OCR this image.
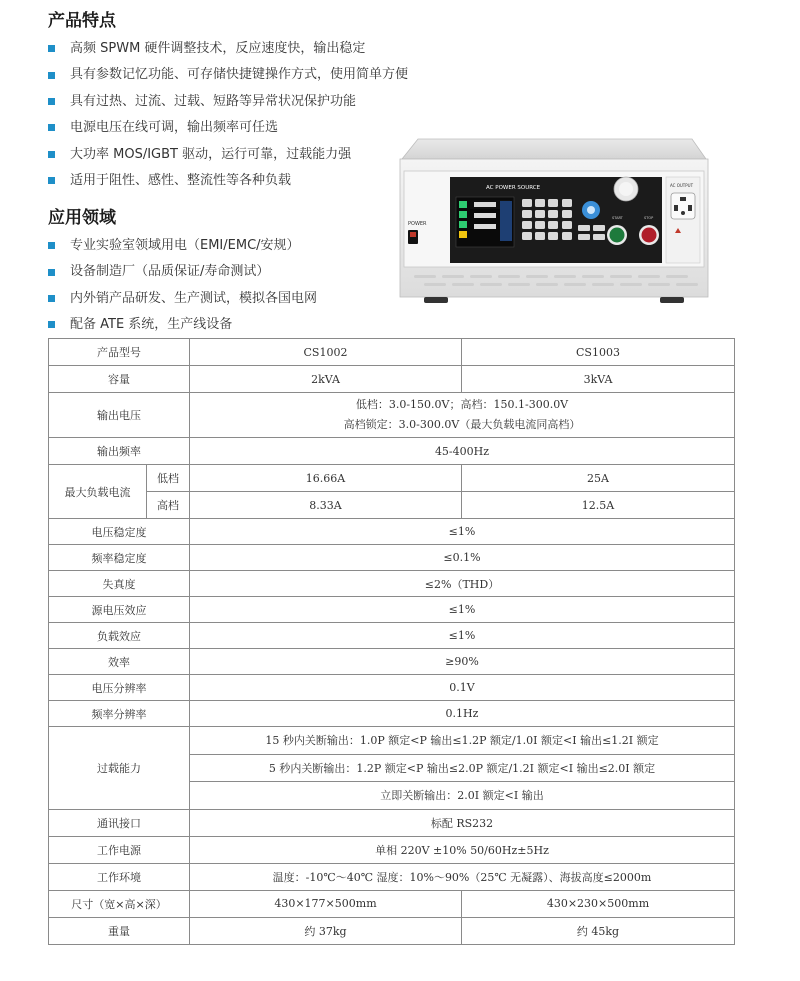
产品特点
高频 SPWM 硬件调整技术，反应速度快，输出稳定
具有参数记忆功能、可存储快捷键操作方式，使用简单方便
具有过热、过流、过载、短路等异常状况保护功能
电源电压在线可调，输出频率可任选
大功率 MOS/IGBT 驱动，运行可靠，过载能力强
适用于阻性、感性、整流性等各种负载
应用领域
专业实验室领域用电（EMI/EMC/安规）
设备制造厂（品质保证/寿命测试）
内外销产品研发、生产测试，模拟各国电网
配备 ATE 系统，生产线设备
POWER
AC POWER SOURCE
START	STOP
AC OUTPUT
产品型号		CS1002	CS1003
容量		2kVA	3kVA
输出电压		低档：3.0-150.0V；高档：150.1-300.0V
高档锁定：3.0-300.0V（最大负载电流同高档）	

输出频率		45-400Hz	
最大负载电流	低档	16.66A	25A
	高档	8.33A	12.5A
电压稳定度		≤1%	
频率稳定度		≤0.1%	
失真度		≤2%（THD）	
源电压效应		≤1%	
负载效应		≤1%	
效率		≥90%	
电压分辨率		0.1V	
频率分辨率		0.1Hz	
过载能力		15 秒内关断输出：1.0P 额定<P 输出≤1.2P 额定/1.0I 额定<I 输出≤1.2I 额定	
		5 秒内关断输出：1.2P 额定<P 输出≤2.0P 额定/1.2I 额定<I 输出≤2.0I 额定	
		立即关断输出：2.0I 额定<I 输出	
通讯接口		标配 RS232	
工作电源		单相 220V ±10% 50/60Hz±5Hz	
工作环境		温度：-10℃～40℃ 湿度：10%～90%（25℃ 无凝露）、海拔高度≤2000m	
尺寸（宽×高×深）		430×177×500mm	430×230×500mm
重量		约 37kg	约 45kg
